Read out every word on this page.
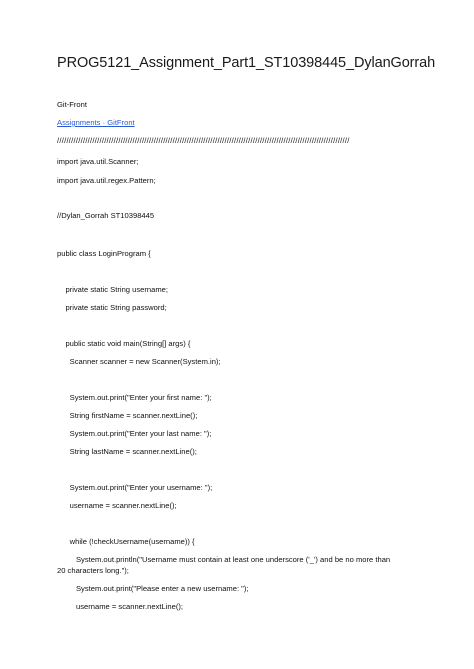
PROG5121_Assignment_Part1_ST10398445_DylanGorrah
Git-Front
Assignments · GitFront
////////////////////////////////////////////////////////////////////////////////////////////////////////////////////////////
import java.util.Scanner;
import java.util.regex.Pattern;
//Dylan_Gorrah ST10398445
public class LoginProgram {
private static String username;
private static String password;
public static void main(String[] args) {
Scanner scanner = new Scanner(System.in);
System.out.print("Enter your first name: ");
String firstName = scanner.nextLine();
System.out.print("Enter your last name: ");
String lastName = scanner.nextLine();
System.out.print("Enter your username: ");
username = scanner.nextLine();
while (!checkUsername(username)) {
System.out.println("Username must contain at least one underscore ('_') and be no more than
20 characters long.");
System.out.print("Please enter a new username: ");
username = scanner.nextLine();
